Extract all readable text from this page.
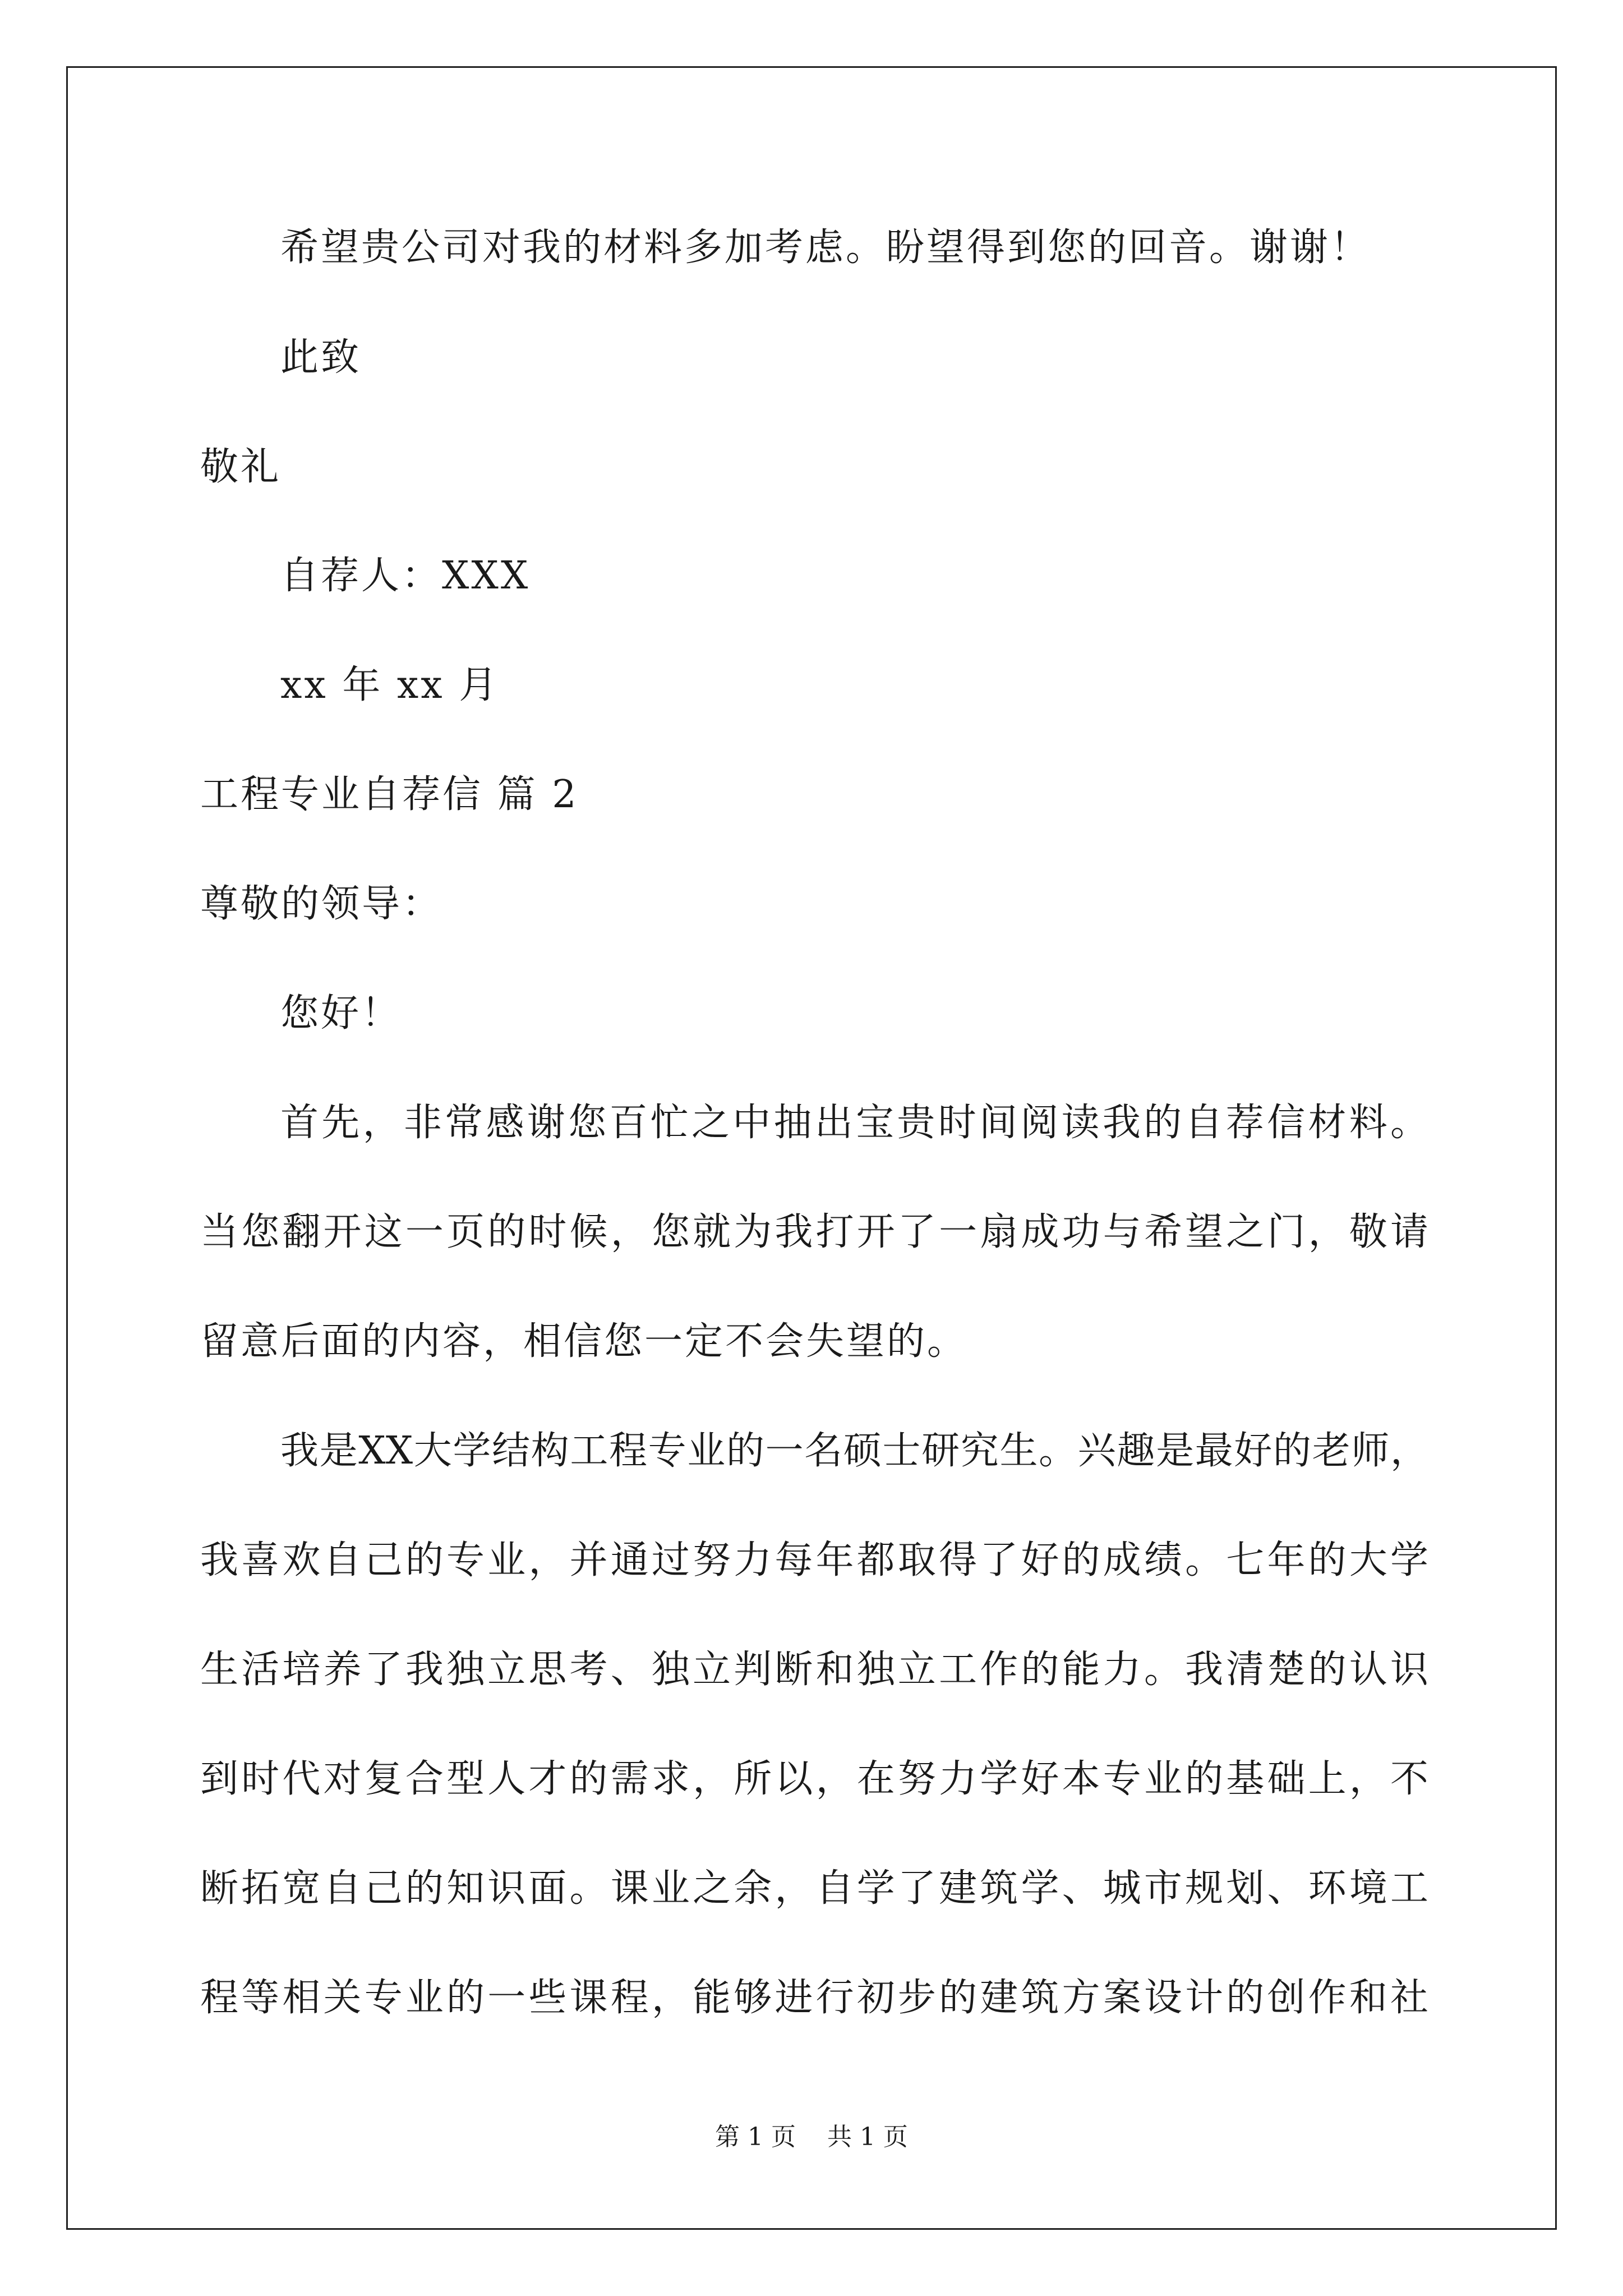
希望贵公司对我的材料多加考虑。盼望得到您的回音。谢谢！
此致
敬礼
自荐人：XXX
xx 年 xx 月
工程专业自荐信 篇 2
尊敬的领导：
您好！
首先，非常感谢您百忙之中抽出宝贵时间阅读我的自荐信材料。
当您翻开这一页的时候，您就为我打开了一扇成功与希望之门，敬请
留意后面的内容，相信您一定不会失望的。
我是XX大学结构工程专业的一名硕士研究生。兴趣是最好的老师，
我喜欢自己的专业，并通过努力每年都取得了好的成绩。七年的大学
生活培养了我独立思考、独立判断和独立工作的能力。我清楚的认识
到时代对复合型人才的需求，所以，在努力学好本专业的基础上，不
断拓宽自己的知识面。课业之余，自学了建筑学、城市规划、环境工
程等相关专业的一些课程，能够进行初步的建筑方案设计的创作和社
第 1 页    共 1 页
